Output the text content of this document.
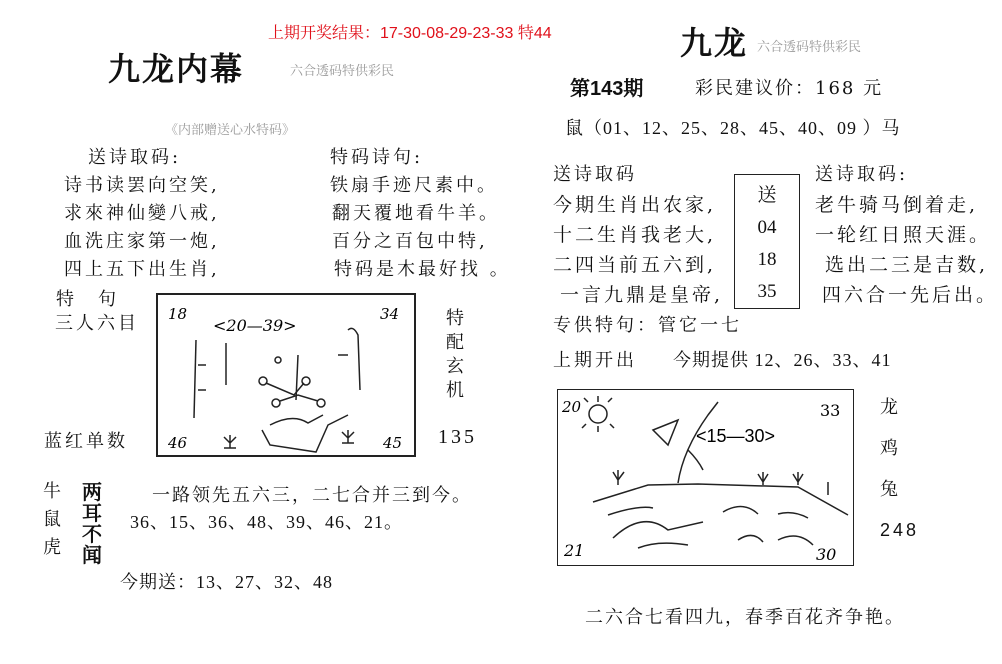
上期开奖结果：17-30-08-29-23-33 特44
九龙内幕	六合透码特供彩民
《内部赠送心水特码》
送诗取码:
诗书读罢向空笑,
求來神仙變八戒,
血洗庄家第一炮,
四上五下出生肖,
特码诗句:
铁扇手迹尺素中。
翻天覆地看牛羊。
百分之百包中特,
特码是木最好找 。
特　句
三人六目 18	34
46	45
<20—39>	特
配
玄
机
蓝红单数	135
牛
鼠
虎
两
耳
不
闻
一路领先五六三，二七合并三到今。
36、15、36、48、39、46、21。
今期送：13、27、32、48
九龙 六合透码特供彩民
第143期	彩民建议价：168 元
鼠（01、12、25、28、45、40、09 ）马
送诗取码
今期生肖出农家,
十二生肖我老大,
二四当前五六到,
一言九鼎是皇帝,
送
04
18
35
送诗取码:
老牛骑马倒着走,
一轮红日照天涯。
选出二三是吉数,
四六合一先后出。
专供特句：管它一七
上期开出 今期提供 12、26、33、41
20	33
21	30
<15—30>
龙
鸡
兔
248
二六合七看四九，春季百花齐争艳。
